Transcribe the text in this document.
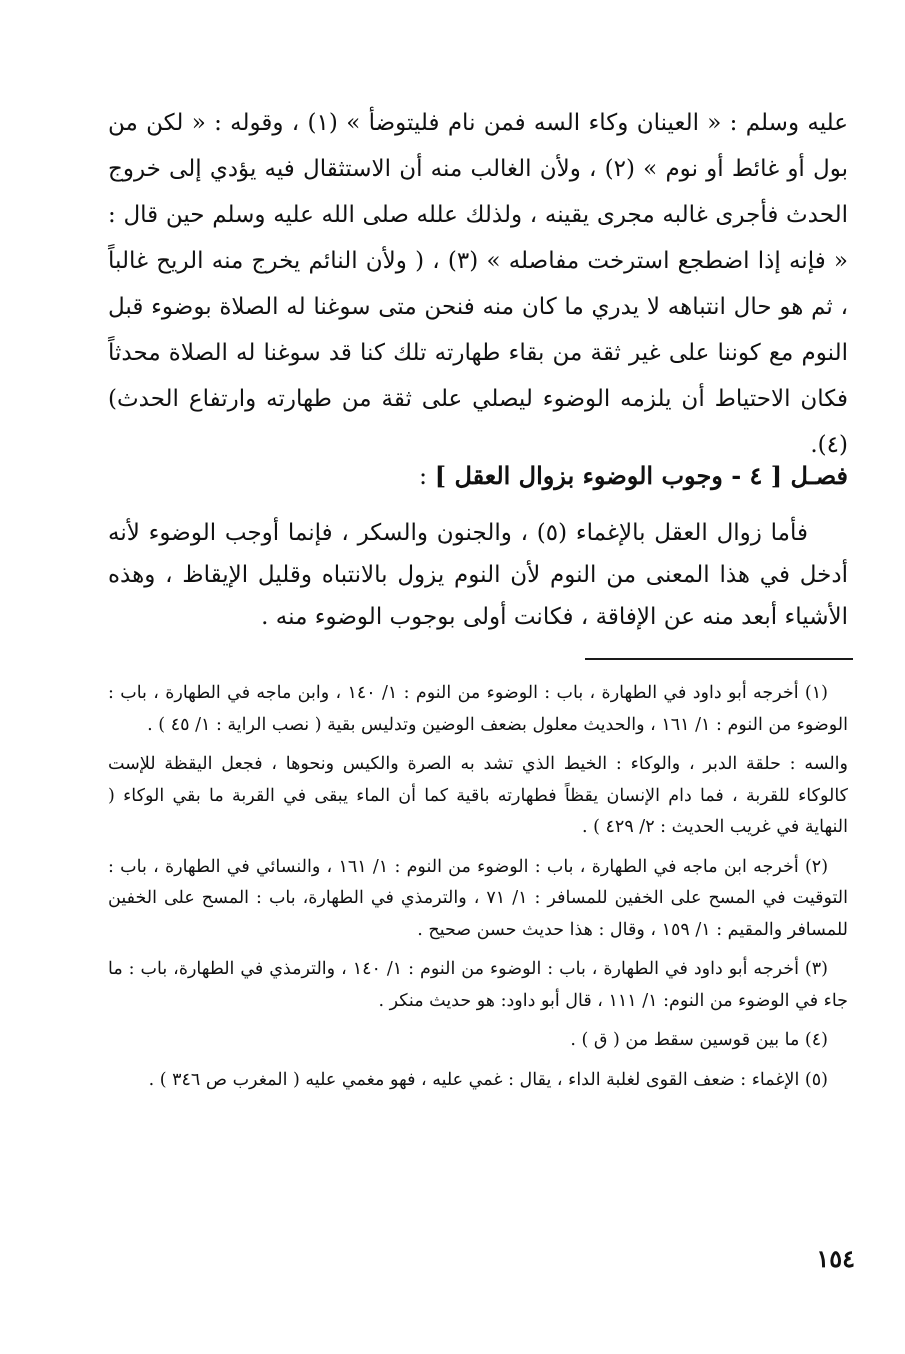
عليه وسلم : « العينان وكاء السه فمن نام فليتوضأ » (١) ، وقوله : « لكن من بول أو غائط أو نوم » (٢) ، ولأن الغالب منه أن الاستثقال فيه يؤدي إلى خروج الحدث فأجرى غالبه مجرى يقينه ، ولذلك علله صلى الله عليه وسلم حين قال : « فإنه إذا اضطجع استرخت مفاصله » (٣) ، ( ولأن النائم يخرج منه الريح غالباً ، ثم هو حال انتباهه لا يدري ما كان منه فنحن متى سوغنا له الصلاة بوضوء قبل النوم مع كوننا على غير ثقة من بقاء طهارته تلك كنا قد سوغنا له الصلاة محدثاً فكان الاحتياط أن يلزمه الوضوء ليصلي على ثقة من طهارته وارتفاع الحدث)(٤).

فصـل [ ٤ - وجوب الوضوء بزوال العقل ] :

فأما زوال العقل بالإغماء (٥) ، والجنون والسكر ، فإنما أوجب الوضوء لأنه أدخل في هذا المعنى من النوم لأن النوم يزول بالانتباه وقليل الإيقاظ ، وهذه الأشياء أبعد منه عن الإفاقة ، فكانت أولى بوجوب الوضوء منه .

(١) أخرجه أبو داود في الطهارة ، باب : الوضوء من النوم : ١/ ١٤٠ ، وابن ماجه في الطهارة ، باب : الوضوء من النوم : ١/ ١٦١ ، والحديث معلول بضعف الوضين وتدليس بقية ( نصب الراية : ١/ ٤٥ ) .

والسه : حلقة الدبر ، والوكاء : الخيط الذي تشد به الصرة والكيس ونحوها ، فجعل اليقظة للإست كالوكاء للقربة ، فما دام الإنسان يقظاً فطهارته باقية كما أن الماء يبقى في القربة ما بقي الوكاء ( النهاية في غريب الحديث : ٢/ ٤٢٩ ) .

(٢) أخرجه ابن ماجه في الطهارة ، باب : الوضوء من النوم : ١/ ١٦١ ، والنسائي في الطهارة ، باب : التوقيت في المسح على الخفين للمسافر : ١/ ٧١ ، والترمذي في الطهارة، باب : المسح على الخفين للمسافر والمقيم : ١/ ١٥٩ ، وقال : هذا حديث حسن صحيح .

(٣) أخرجه أبو داود في الطهارة ، باب : الوضوء من النوم : ١/ ١٤٠ ، والترمذي في الطهارة، باب : ما جاء في الوضوء من النوم: ١/ ١١١ ، قال أبو داود: هو حديث منكر .

(٤) ما بين قوسين سقط من ( ق ) .

(٥) الإغماء : ضعف القوى لغلبة الداء ، يقال : غمي عليه ، فهو مغمي عليه ( المغرب ص ٣٤٦ ) .

١٥٤
